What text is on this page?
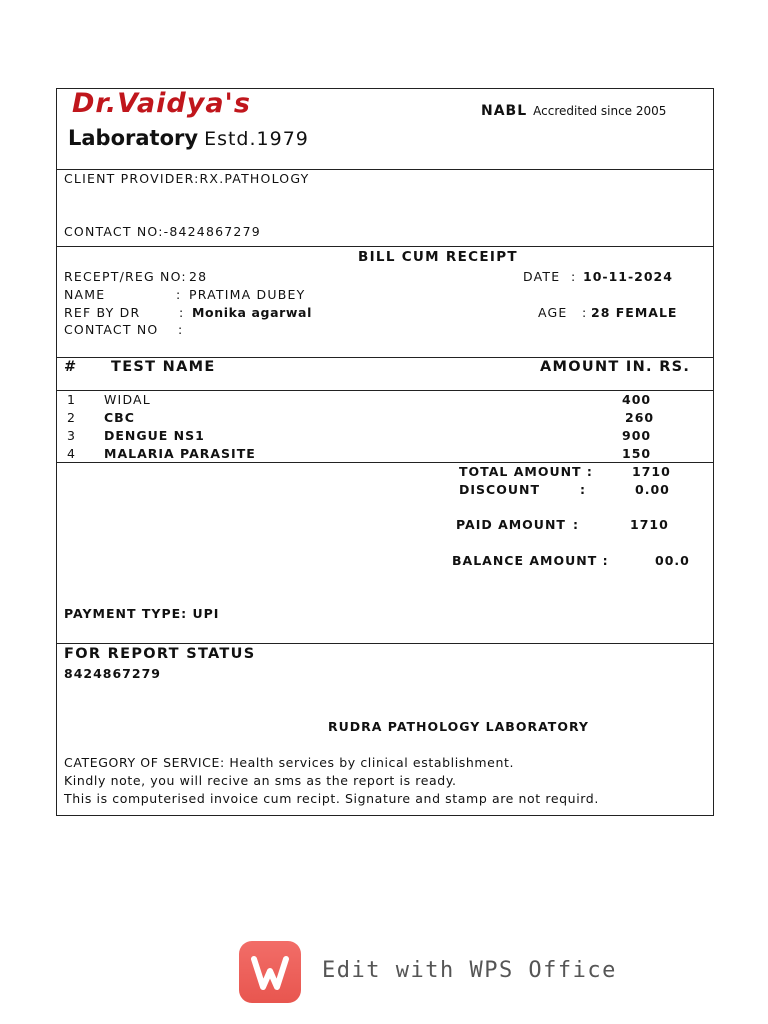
Dr.Vaidya's
Laboratory Estd.1979
NABL Accredited since 2005
CLIENT PROVIDER:RX.PATHOLOGY
CONTACT NO:-8424867279
BILL CUM RECEIPT
RECEPT/REG NO: 28	DATE : 10-11-2024
NAME	: PRATIMA DUBEY
REF BY DR	: Monika agarwal	AGE : 28 FEMALE
CONTACT NO :
# TEST NAME	AMOUNT IN. RS.
1 WIDAL	400
2 CBC	260
3 DENGUE NS1	900
4 MALARIA PARASITE	150
TOTAL AMOUNT :	1710
DISCOUNT	:	0.00
PAID AMOUNT :	1710
BALANCE AMOUNT :	00.0
PAYMENT TYPE: UPI
FOR REPORT STATUS
8424867279
RUDRA PATHOLOGY LABORATORY
CATEGORY OF SERVICE: Health services by clinical establishment.
Kindly note, you will recive an sms as the report is ready.
This is computerised invoice cum recipt. Signature and stamp are not requird.
Edit with WPS Office
